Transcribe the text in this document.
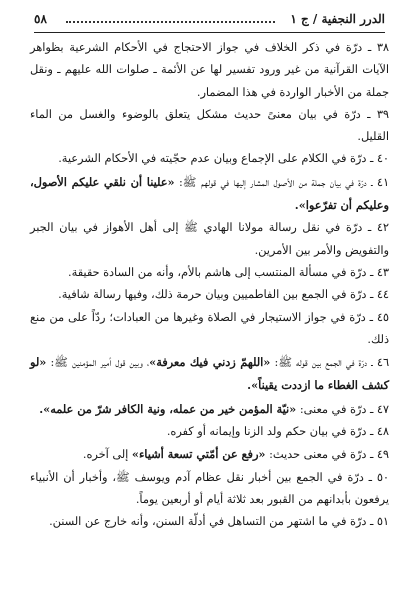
٥٨	الدرر النجفية / ج ١

٣٨ ـ درّة في ذكر الخلاف في جواز الاحتجاج في الأحكام الشرعية بظواهر الآيات القرآنية من غير ورود تفسير لها عن الأئمة ـ صلوات الله عليهم ـ ونقل جملة من الأخبار الواردة في هذا المضمار.

٣٩ ـ درّة في بيان معنىً حديث مشكل يتعلق بالوضوء والغسل من الماء القليل.

٤٠ ـ درّة في الكلام على الإجماع وبيان عدم حجّيته في الأحكام الشرعية.

٤١ ـ درّة في بيان جملة من الأصول المشار إليها في قولهم ﷺ: «علينا أن نلقي عليكم الأصول، وعليكم أن تفرّعوا».

٤٢ ـ درّة في نقل رسالة مولانا الهادي ﷺ إلى أهل الأهواز في بيان الجبر والتفويض والأمر بين الأمرين.

٤٣ ـ درّة في مسألة المنتسب إلى هاشم بالأم، وأنه من السادة حقيقة.

٤٤ ـ درّة في الجمع بين الفاطميين وبيان حرمة ذلك، وفيها رسالة شافية.

٤٥ ـ درّة في جواز الاستيجار في الصلاة وغيرها من العبادات؛ ردّاً على من منع ذلك.

٤٦ ـ درّة في الجمع بين قوله ﷺ: «اللهمّ زدني فيك معرفة»، وبين قول أمير المؤمنين ﷺ: «لو كشف الغطاء ما ازددت يقيناً».

٤٧ ـ درّة في معنى: «نيّة المؤمن خير من عمله، ونية الكافر شرّ من علمه».

٤٨ ـ درّة في بيان حكم ولد الزنا وإيمانه أو كفره.

٤٩ ـ درّة في معنى حديث: «رفع عن أمّتي تسعة أشياء» إلى آخره.

٥٠ ـ درّة في الجمع بين أخبار نقل عظام آدم ويوسف ﷺ، وأخبار أن الأنبياء يرفعون بأبدانهم من القبور بعد ثلاثة أيام أو أربعين يوماً.

٥١ ـ درّة في ما اشتهر من التساهل في أدلّة السنن، وأنه خارج عن السنن.
